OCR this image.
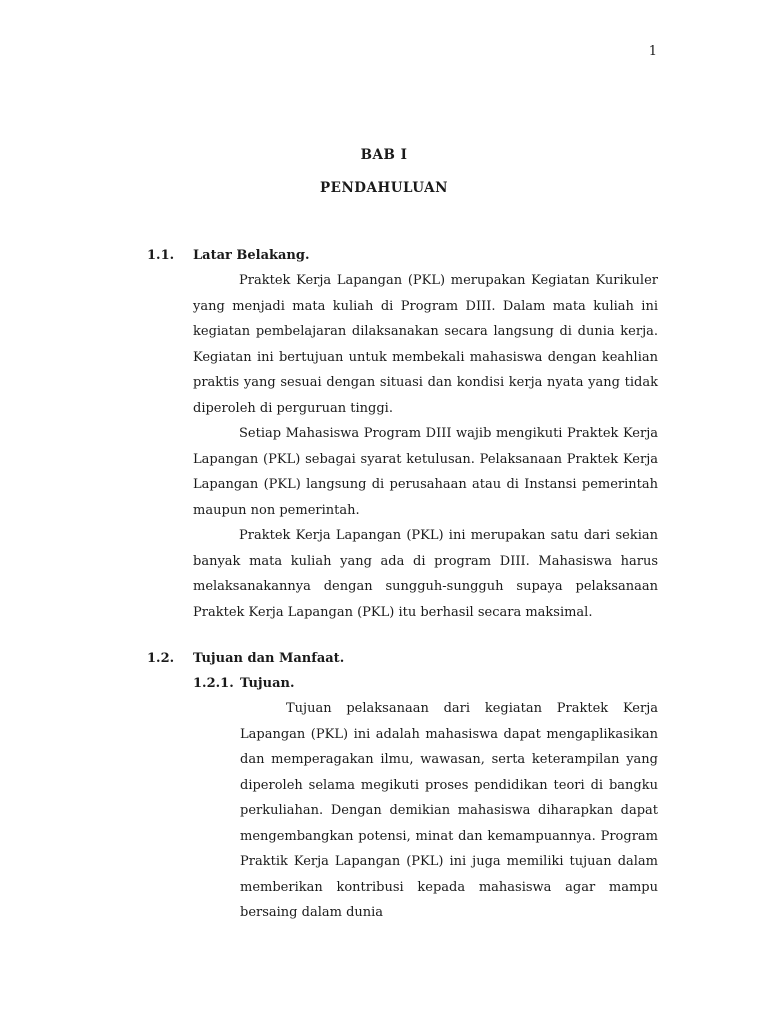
1
BAB I
PENDAHULUAN
1.1.	Latar Belakang.

Praktek Kerja Lapangan (PKL) merupakan Kegiatan Kurikuler yang menjadi mata kuliah di Program DIII. Dalam mata kuliah ini kegiatan pembelajaran dilaksanakan secara langsung di dunia kerja. Kegiatan ini bertujuan untuk membekali mahasiswa dengan keahlian praktis yang sesuai dengan situasi dan kondisi kerja nyata yang tidak diperoleh di perguruan tinggi.

Setiap Mahasiswa Program DIII wajib mengikuti Praktek Kerja Lapangan (PKL) sebagai syarat ketulusan. Pelaksanaan Praktek Kerja Lapangan (PKL) langsung di perusahaan atau di Instansi pemerintah maupun non pemerintah.

Praktek Kerja Lapangan (PKL) ini merupakan satu dari sekian banyak mata kuliah yang ada di program DIII. Mahasiswa harus melaksanakannya dengan sungguh-sungguh supaya pelaksanaan Praktek Kerja Lapangan (PKL) itu berhasil secara maksimal.

1.2.	Tujuan dan Manfaat.
1.2.1. Tujuan.

Tujuan pelaksanaan dari kegiatan Praktek Kerja Lapangan (PKL) ini adalah mahasiswa dapat mengaplikasikan dan memperagakan ilmu, wawasan, serta keterampilan yang diperoleh selama megikuti proses pendidikan teori di bangku perkuliahan. Dengan demikian mahasiswa diharapkan dapat mengembangkan potensi, minat dan kemampuannya. Program Praktik Kerja Lapangan (PKL) ini juga memiliki tujuan dalam memberikan kontribusi kepada mahasiswa agar mampu bersaing dalam dunia
